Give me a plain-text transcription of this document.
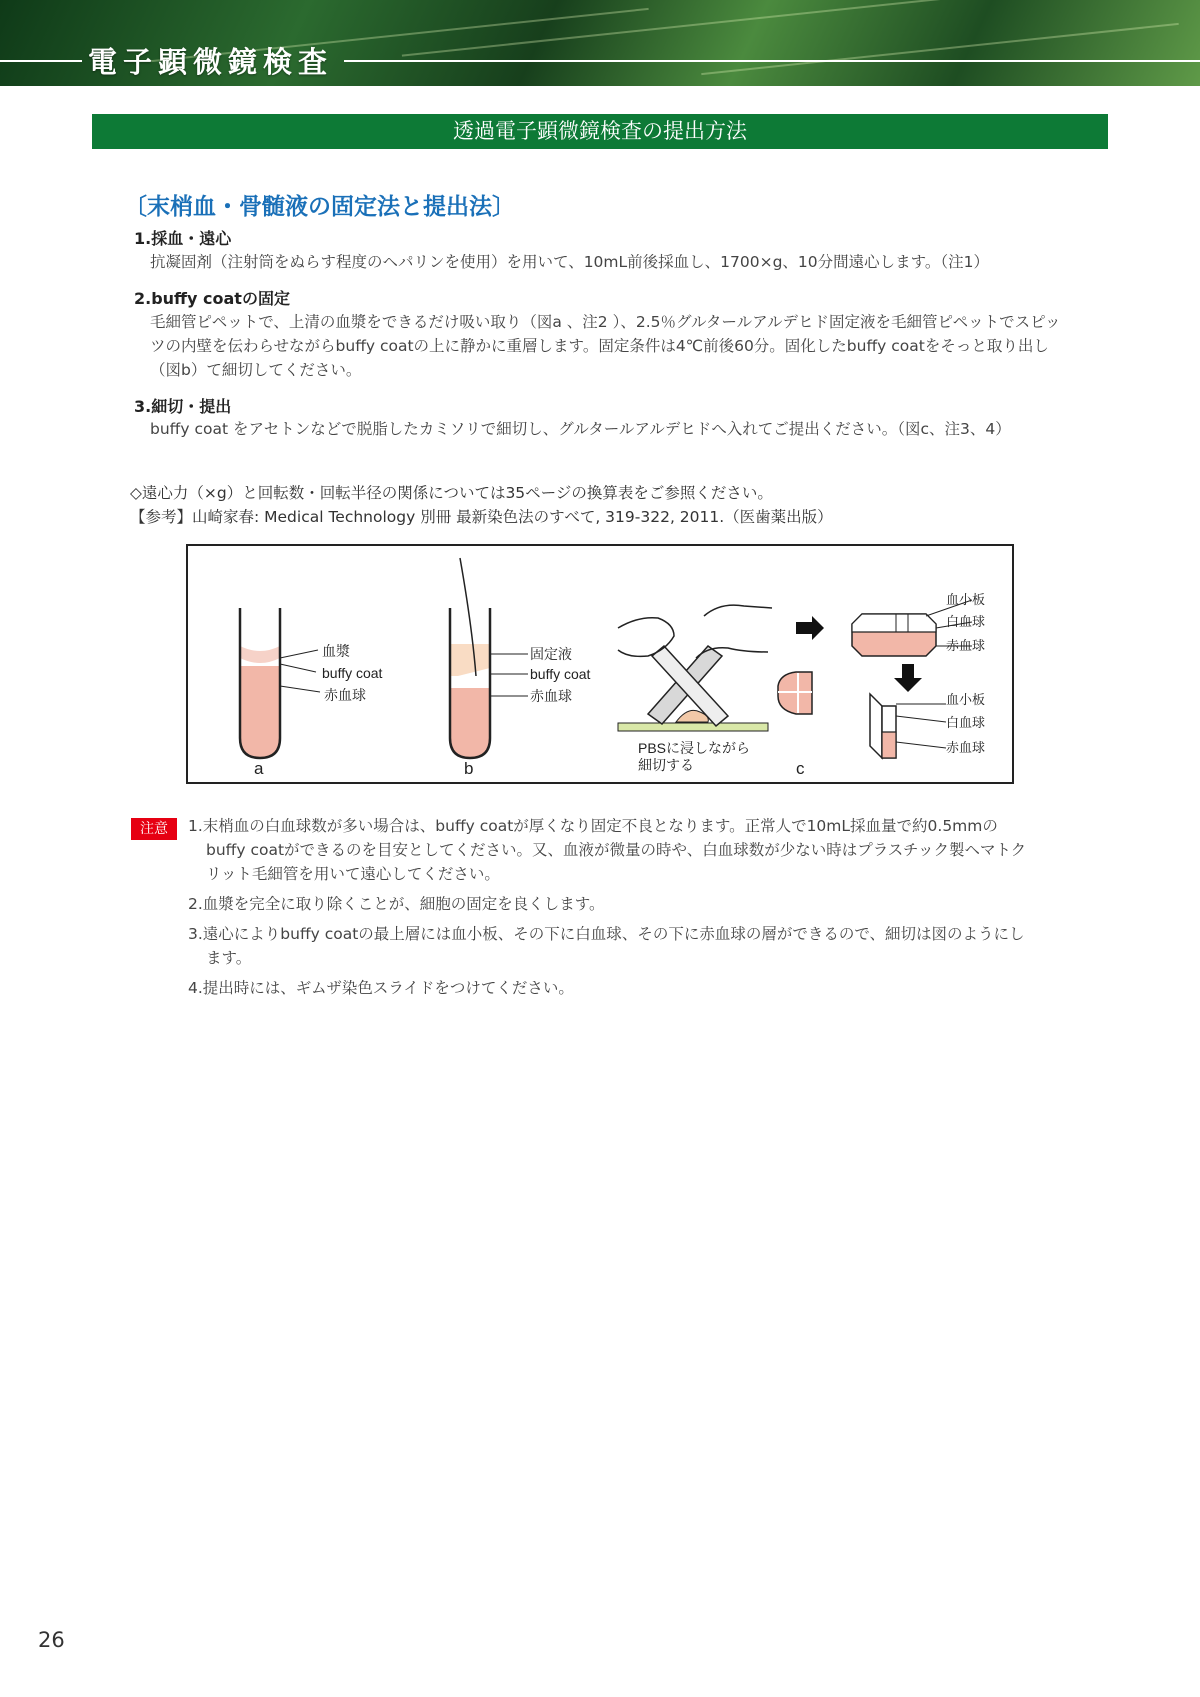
電子顕微鏡検査
透過電子顕微鏡検査の提出方法
〔末梢血・骨髄液の固定法と提出法〕

1.採血・遠心

抗凝固剤（注射筒をぬらす程度のヘパリンを使用）を用いて、10mL前後採血し、1700×g、10分間遠心します。（注1）

2.buffy coatの固定

毛細管ピペットで、上清の血漿をできるだけ吸い取り（図a 、注2 ）、2.5％グルタールアルデヒド固定液を毛細管ピペットでスピッツの内壁を伝わらせながらbuffy coatの上に静かに重層します。固定条件は4℃前後60分。固化したbuffy coatをそっと取り出し（図b）て細切してください。

3.細切・提出

buffy coat をアセトンなどで脱脂したカミソリで細切し、グルタールアルデヒドへ入れてご提出ください。（図c、注3、4）

◇遠心力（×g）と回転数・回転半径の関係については35ページの換算表をご参照ください。

【参考】山崎家春: Medical Technology 別冊 最新染色法のすべて, 319-322, 2011.（医歯薬出版）

血漿
buffy coat
赤血球
a
固定液
buffy coat
赤血球
b
PBSに浸しながら
細切する	c
血小板
白血球
赤血球
血小板
白血球
赤血球
注意	1.末梢血の白血球数が多い場合は、buffy coatが厚くなり固定不良となります。正常人で10mL採血量で約0.5mmのbuffy coatができるのを目安としてください。又、血液が微量の時や、白血球数が少ない時はプラスチック製ヘマトクリット毛細管を用いて遠心してください。
2.血漿を完全に取り除くことが、細胞の固定を良くします。
3.遠心によりbuffy coatの最上層には血小板、その下に白血球、その下に赤血球の層ができるので、細切は図のようにします。
4.提出時には、ギムザ染色スライドをつけてください。
26
